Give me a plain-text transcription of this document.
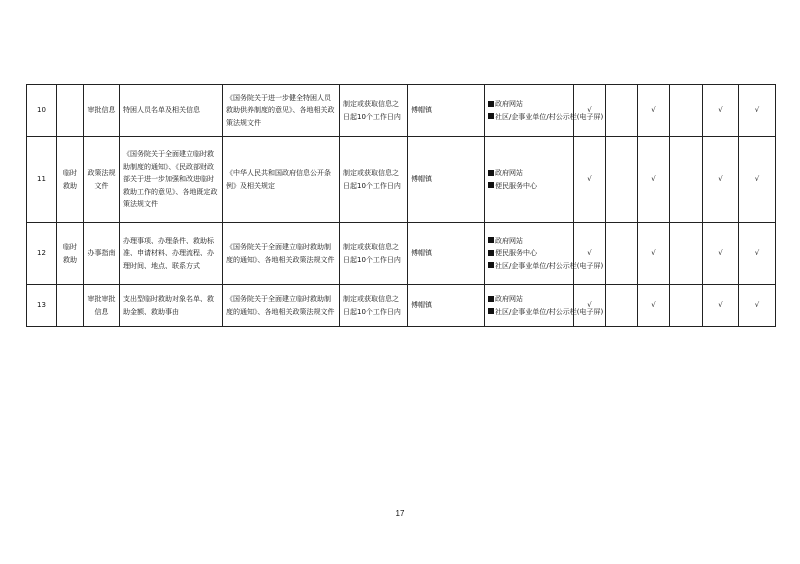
10		审批信息	特困人员名单及相关信息	《国务院关于进一步健全特困人员救助供养制度的意见》、各地相关政策法规文件	制定或获取信息之日起10个工作日内	傅帽镇	政府网站
社区/企事业单位/村公示栏(电子屏)	√		√		√	√
11	临时救助	政策法规文件	《国务院关于全面建立临时救助制度的通知》、《民政部财政部关于进一步加强和改进临时救助工作的意见》、各地既定政策法规文件	《中华人民共和国政府信息公开条例》及相关规定	制定或获取信息之日起10个工作日内	傅帽镇	政府网站
便民服务中心	√		√		√	√
12	临时救助	办事指南	办理事项、办理条件、救助标准、申请材料、办理流程、办理时间、地点、联系方式	《国务院关于全面建立临时救助制度的通知》、各地相关政策法规文件	制定或获取信息之日起10个工作日内	傅帽镇	政府网站
便民服务中心
社区/企事业单位/村公示栏(电子屏)	√		√		√	√
13		审批审批信息	支出型临时救助对象名单、救助金额、救助事由	《国务院关于全面建立临时救助制度的通知》、各地相关政策法规文件	制定或获取信息之日起10个工作日内	傅帽镇	政府网站
社区/企事业单位/村公示栏(电子屏)	√		√		√	√
17
